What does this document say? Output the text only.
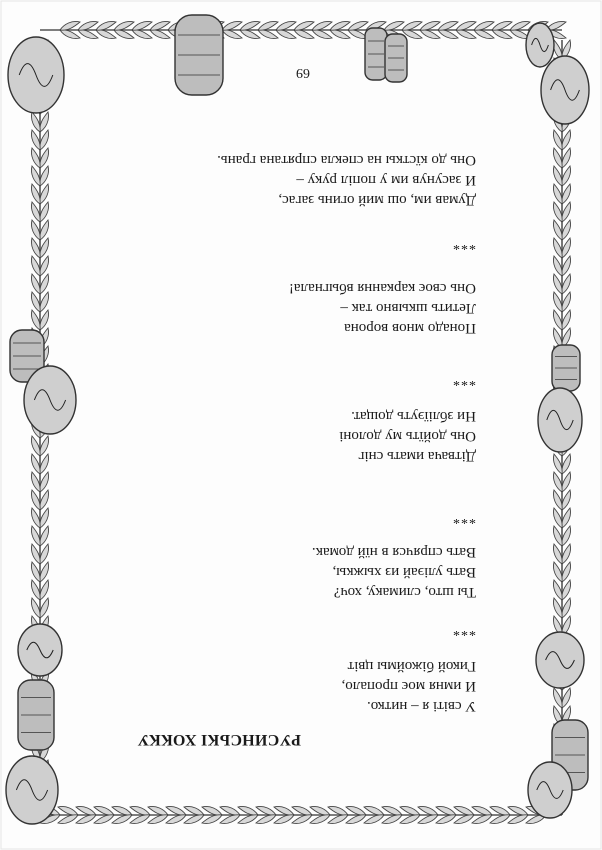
РУСИНСЬКІ ХОККУ
У світі я – нитко.
И имня моє пропало,
Гикой біжоймы цвіт
***
Ты што, слимаку, хоч?
Вать уліэай из хыжкы,
Вать спрячся в нїй домак.
***
Дітвача имать сніг
Онь дойїть му долоні
Ни збліїэуть дощат.
***
Понадо мнов ворона
Летить шкывно так –
Онь своє каркання вбыгнала!
***
Думав им, ош мий огинь загас,
И засунув им у попіл руку –
Онь до кїсткы на спекла спрятана грань.
69
